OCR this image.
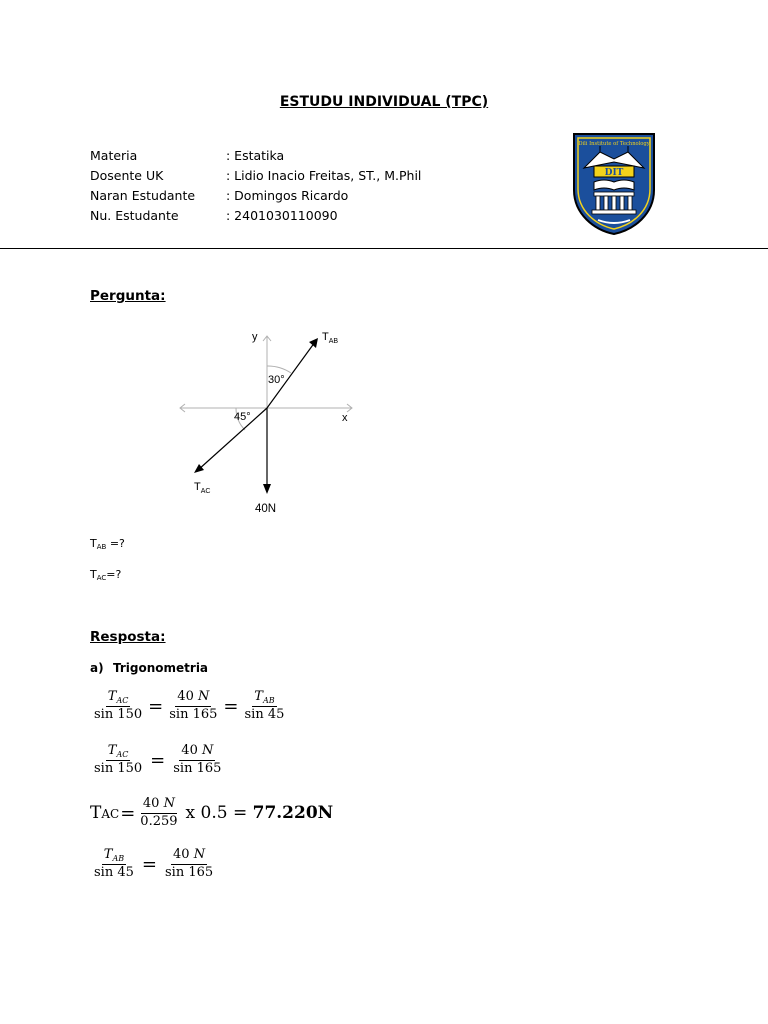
ESTUDU INDIVIDUAL (TPC)
Materia	: Estatika
Dosente UK	: Lidio Inacio Freitas, ST., M.Phil
Naran Estudante : Domingos Ricardo
Nu. Estudante	: 2401030110090
Dili Institute of Technology
DIT
Pergunta:
y
x
$T_{AB}$
$T_{AC}$
40N
30°
45°
$T_{AB}$ =?
$T_{AC}=$?
Resposta:
a) Trigonometria
$\frac{T_{AC}}{\sin 150} = \frac{40 N}{\sin 165} = \frac{T_{AB}}{\sin 45}$
$\frac{T_{AC}}{\sin 150} = \frac{40 N}{\sin 165}$
TAC = $\frac{40 N}{0.259}$ x 0.5 = 77.220N
$\frac{T_{AB}}{\sin 45} = \frac{40 N}{\sin 165}$
